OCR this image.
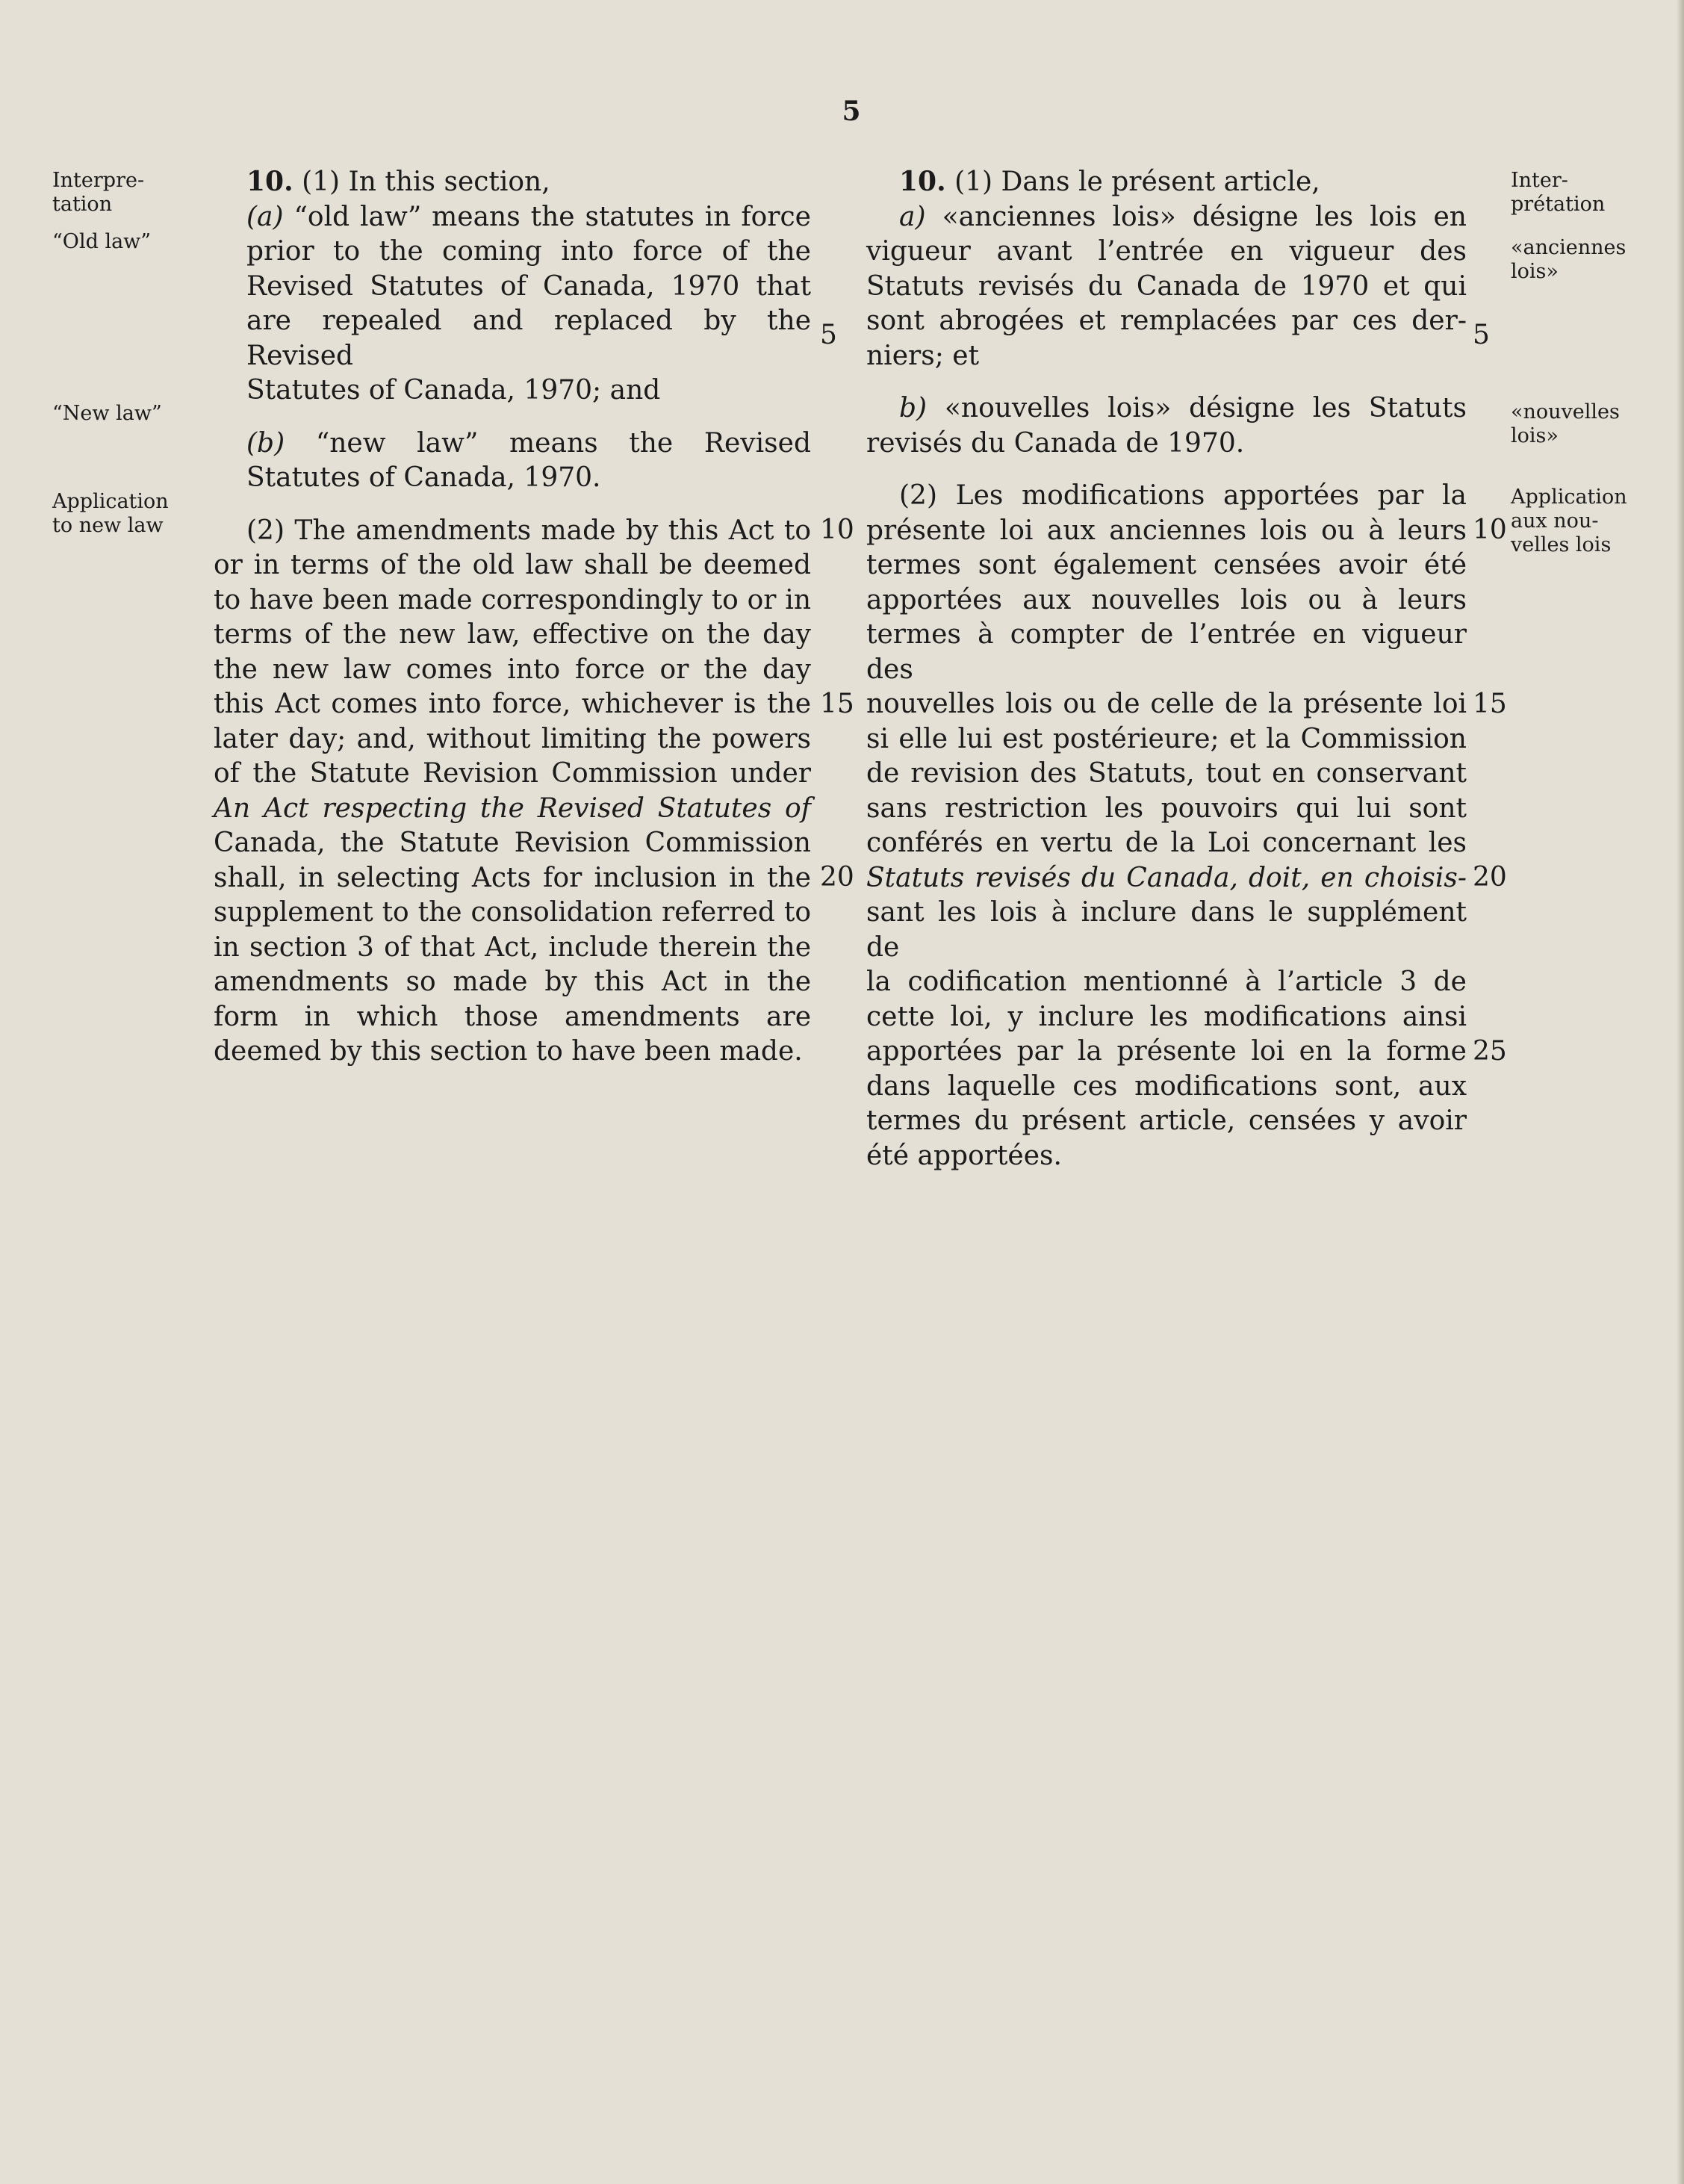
5
Interpre-
tation
“Old law”
“New law”
Application
to new law
Inter-
prétation
«anciennes
lois»
«nouvelles
lois»
Application
aux nou-
velles lois

10. (1) In this section,

(a) “old law” means the statutes in force

prior to the coming into force of the

Revised Statutes of Canada, 1970 that

are repealed and replaced by the Revised

Statutes of Canada, 1970; and

(b) “new law” means the Revised

Statutes of Canada, 1970.

(2) The amendments made by this Act to

or in terms of the old law shall be deemed

to have been made correspondingly to or in

terms of the new law, effective on the day

the new law comes into force or the day

this Act comes into force, whichever is the

later day; and, without limiting the powers

of the Statute Revision Commission under

An Act respecting the Revised Statutes of

Canada, the Statute Revision Commission

shall, in selecting Acts for inclusion in the

supplement to the consolidation referred to

in section 3 of that Act, include therein the

amendments so made by this Act in the

form in which those amendments are

deemed by this section to have been made.

5
10
15
20

10. (1) Dans le présent article,

a) «anciennes lois» désigne les lois en

vigueur avant l’entrée en vigueur des

Statuts revisés du Canada de 1970 et qui

sont abrogées et remplacées par ces der-

niers; et

b) «nouvelles lois» désigne les Statuts

revisés du Canada de 1970.

(2) Les modifications apportées par la

présente loi aux anciennes lois ou à leurs

termes sont également censées avoir été

apportées aux nouvelles lois ou à leurs

termes à compter de l’entrée en vigueur des

nouvelles lois ou de celle de la présente loi

si elle lui est postérieure; et la Commission

de revision des Statuts, tout en conservant

sans restriction les pouvoirs qui lui sont

conférés en vertu de la Loi concernant les

Statuts revisés du Canada, doit, en choisis-

sant les lois à inclure dans le supplément de

la codification mentionné à l’article 3 de

cette loi, y inclure les modifications ainsi

apportées par la présente loi en la forme

dans laquelle ces modifications sont, aux

termes du présent article, censées y avoir

été apportées.

5
10
15
20
25
